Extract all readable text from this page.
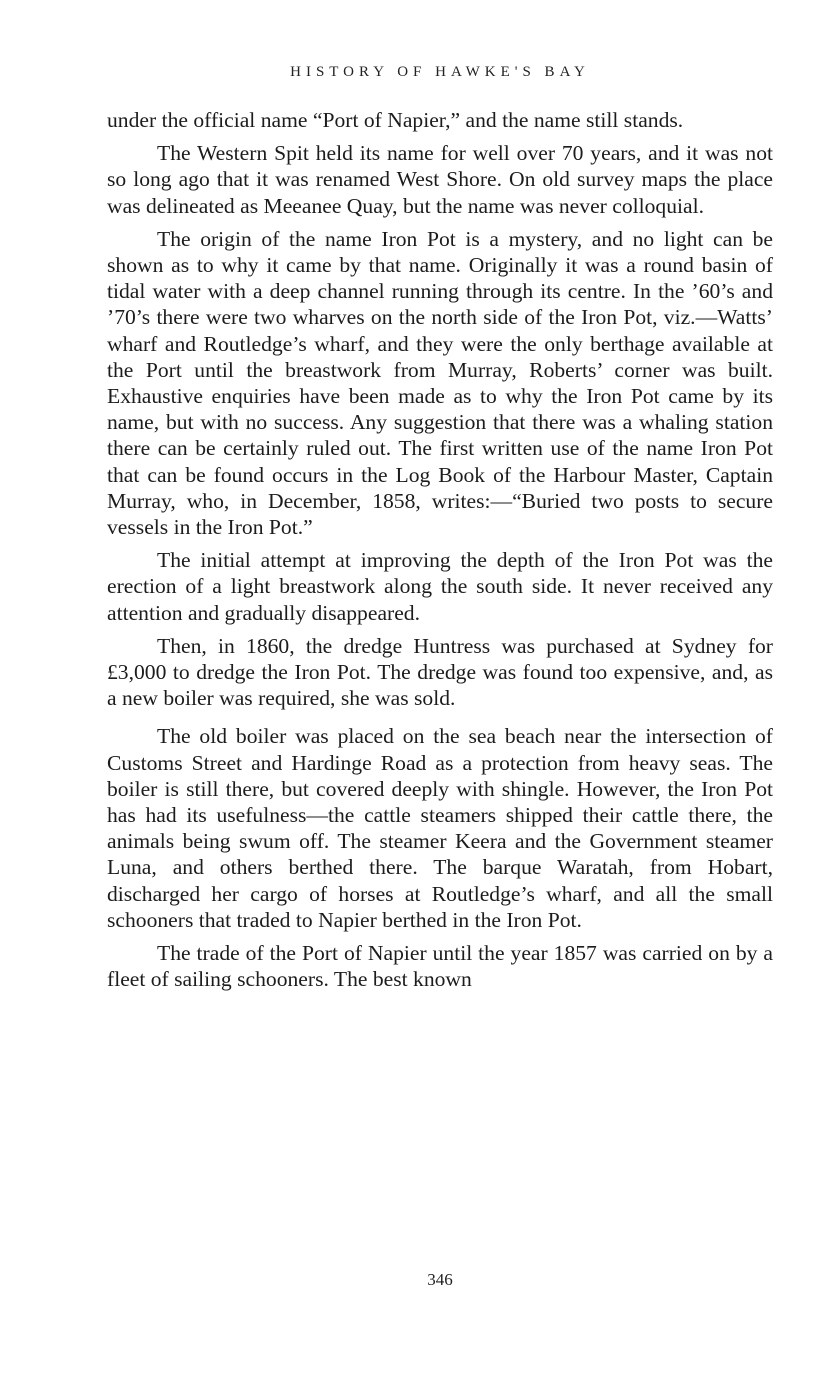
HISTORY OF HAWKE'S BAY

under the official name “Port of Napier,” and the name still stands.

The Western Spit held its name for well over 70 years, and it was not so long ago that it was renamed West Shore. On old survey maps the place was delineated as Meeanee Quay, but the name was never colloquial.

The origin of the name Iron Pot is a mystery, and no light can be shown as to why it came by that name. Originally it was a round basin of tidal water with a deep channel running through its centre. In the ’60’s and ’70’s there were two wharves on the north side of the Iron Pot, viz.—Watts’ wharf and Routledge’s wharf, and they were the only berthage available at the Port until the breastwork from Murray, Roberts’ corner was built. Exhaustive enquiries have been made as to why the Iron Pot came by its name, but with no success. Any suggestion that there was a whaling station there can be certainly ruled out. The first written use of the name Iron Pot that can be found occurs in the Log Book of the Harbour Master, Captain Murray, who, in December, 1858, writes:—“Buried two posts to secure vessels in the Iron Pot.”

The initial attempt at improving the depth of the Iron Pot was the erection of a light breastwork along the south side. It never received any attention and gradually disappeared.

Then, in 1860, the dredge Huntress was purchased at Sydney for £3,000 to dredge the Iron Pot. The dredge was found too expensive, and, as a new boiler was required, she was sold.

The old boiler was placed on the sea beach near the intersection of Customs Street and Hardinge Road as a protection from heavy seas. The boiler is still there, but covered deeply with shingle. However, the Iron Pot has had its usefulness—the cattle steamers shipped their cattle there, the animals being swum off. The steamer Keera and the Government steamer Luna, and others berthed there. The barque Waratah, from Hobart, discharged her cargo of horses at Routledge’s wharf, and all the small schooners that traded to Napier berthed in the Iron Pot.

The trade of the Port of Napier until the year 1857 was carried on by a fleet of sailing schooners. The best known

346
